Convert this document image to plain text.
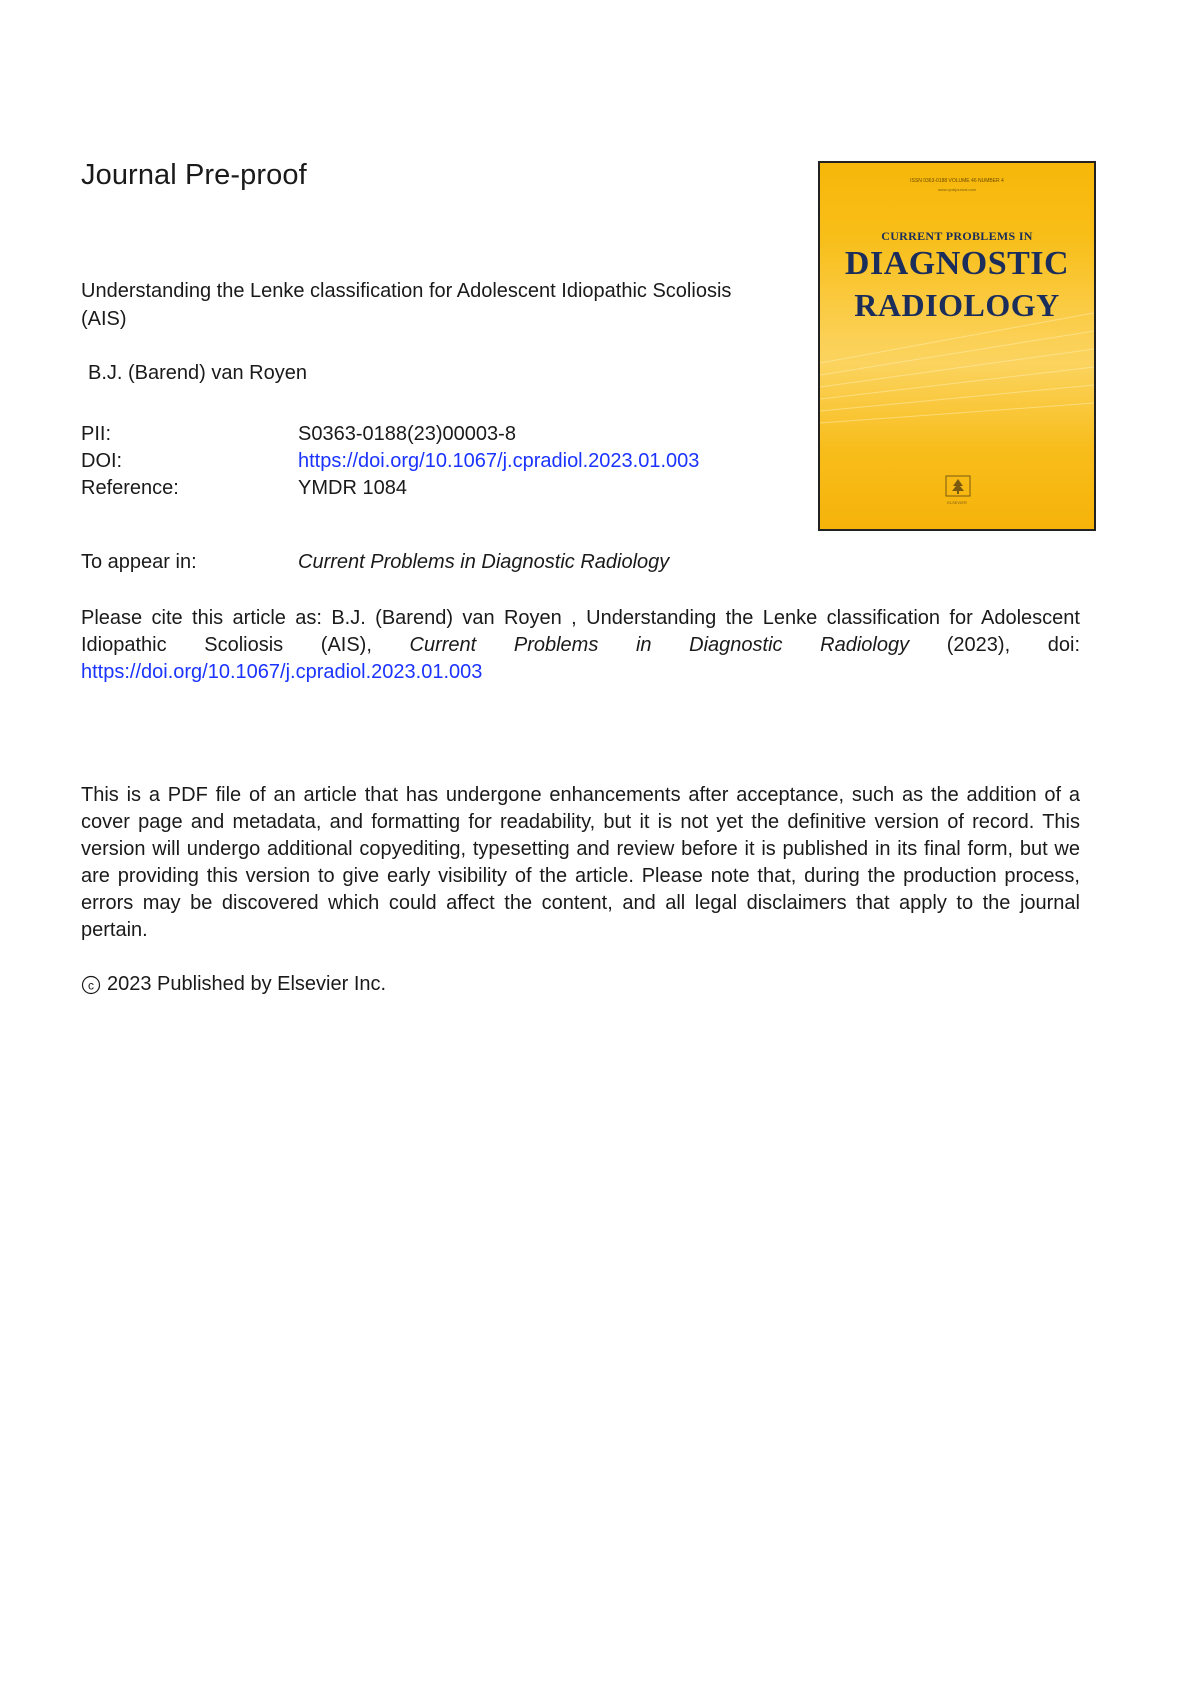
Journal Pre-proof
Understanding the Lenke classification for Adolescent Idiopathic Scoliosis (AIS)
B.J. (Barend) van Royen
PII:	S0363-0188(23)00003-8
DOI:	https://doi.org/10.1067/j.cpradiol.2023.01.003
Reference:	YMDR 1084
To appear in:	Current Problems in Diagnostic Radiology
Please cite this article as: B.J. (Barend) van Royen , Understanding the Lenke classification for Adolescent Idiopathic Scoliosis (AIS), Current Problems in Diagnostic Radiology (2023), doi: https://doi.org/10.1067/j.cpradiol.2023.01.003
This is a PDF file of an article that has undergone enhancements after acceptance, such as the addition of a cover page and metadata, and formatting for readability, but it is not yet the definitive version of record. This version will undergo additional copyediting, typesetting and review before it is published in its final form, but we are providing this version to give early visibility of the article. Please note that, during the production process, errors may be discovered which could affect the content, and all legal disclaimers that apply to the journal pertain.
c 2023 Published by Elsevier Inc.
ISSN 0363-0188 VOLUME 46 NUMBER 4
www.cpdrjournal.com
CURRENT PROBLEMS IN
DIAGNOSTIC
RADIOLOGY
ELSEVIER
